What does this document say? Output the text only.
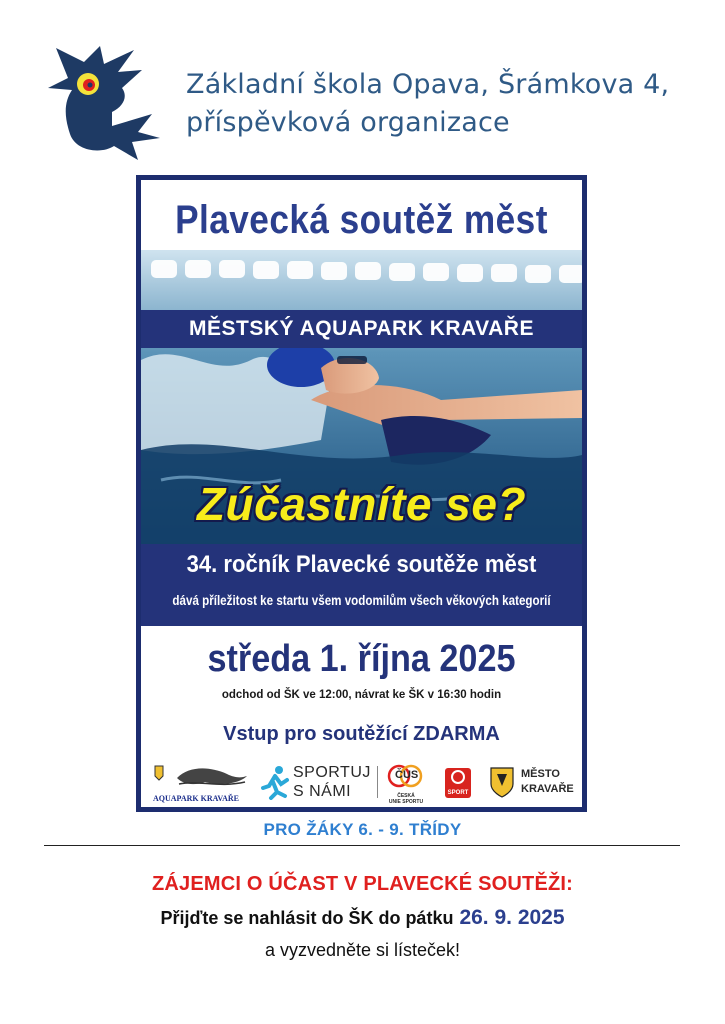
Základní škola Opava, Šrámkova 4,
příspěvková organizace
Plavecká soutěž měst
MĚSTSKÝ AQUAPARK KRAVAŘE
Zúčastníte se?
34. ročník Plavecké soutěže měst
dává příležitost ke startu všem vodomilům všech věkových kategorií
středa 1. října 2025
odchod od ŠK ve 12:00, návrat ke ŠK v 16:30 hodin
Vstup pro soutěžící ZDARMA
AQUAPARK KRAVAŘE
SPORTUJ
S NÁMI
ČUS
ČESKÁ
UNIE SPORTU
SPORT
MĚSTO
KRAVAŘE
PRO ŽÁKY 6. - 9. TŘÍDY
ZÁJEMCI O ÚČAST V PLAVECKÉ SOUTĚŽI:
Přijďte se nahlásit do ŠK do pátku 26. 9. 2025
a vyzvedněte si lísteček!
